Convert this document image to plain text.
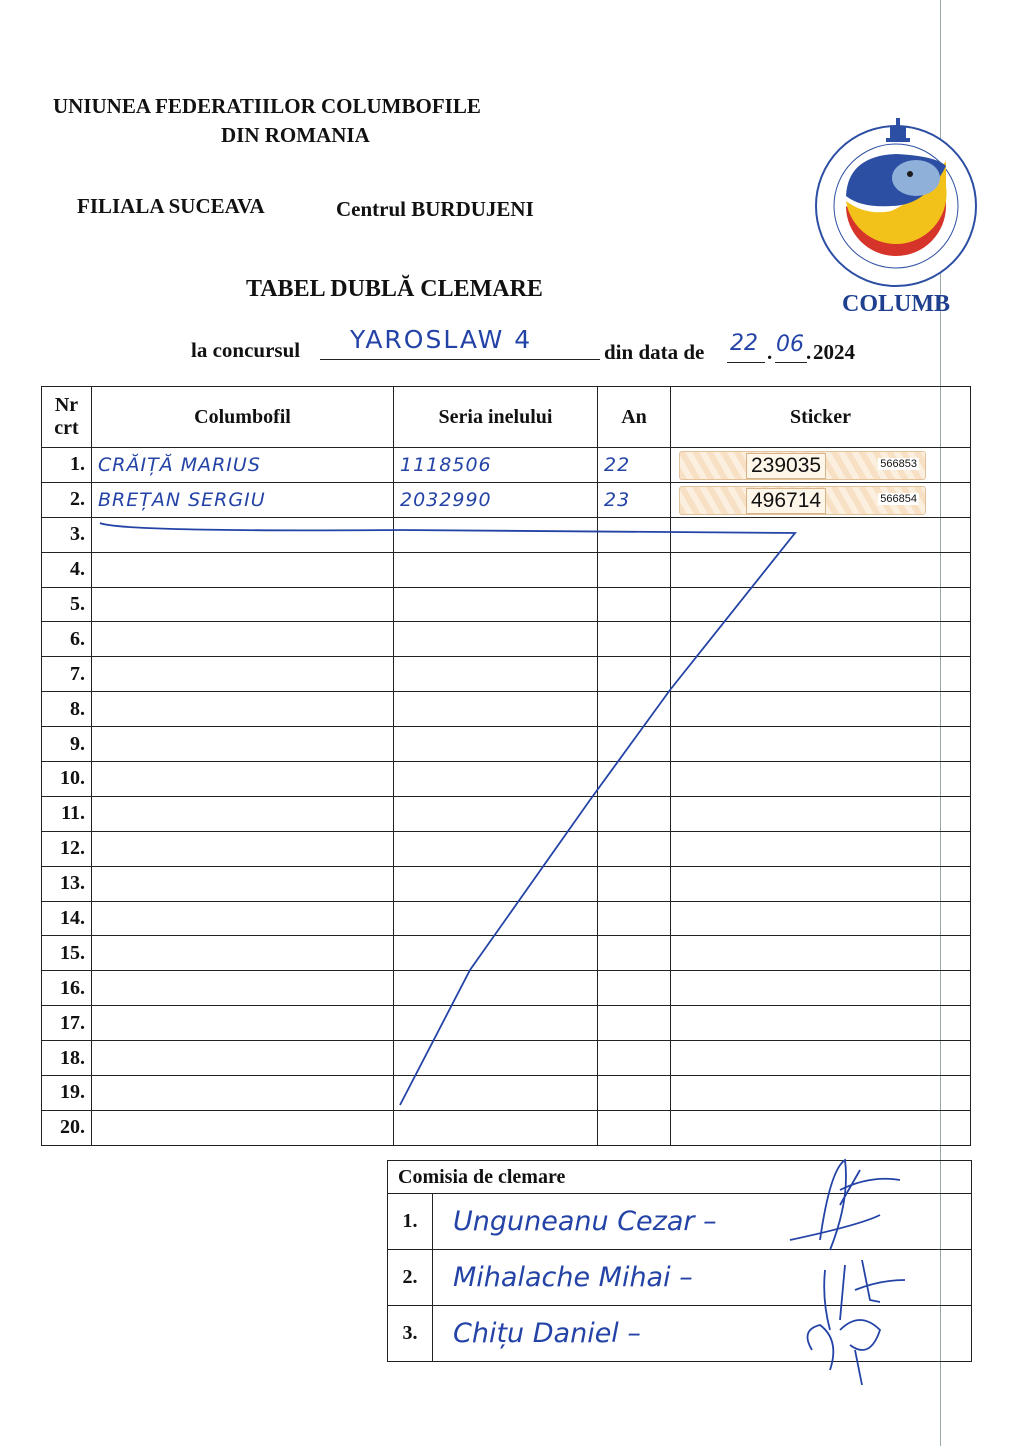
UNIUNEA FEDERATIILOR COLUMBOFILE
DIN ROMANIA
FILIALA SUCEAVA	Centrul BURDUJENI
TABEL DUBLĂ CLEMARE
la concursul YAROSLAW 4	din data de 22 . 06 . 2024
COLUMB
Nr
crt	Columbofil	Seria inelului	An	Sticker
1.	CRĂIȚĂ MARIUS	1118506	22	239035 566853

2.	BREȚAN SERGIU	2032990	23	496714 566854

3.				
4.				
5.				
6.				
7.				
8.				
9.				
10.				
11.				
12.				
13.				
14.				
15.				
16.				
17.				
18.				
19.				
20.				
Comisia de clemare	
1.	Unguneanu Cezar –
2.	Mihalache Mihai –
3.	Chițu Daniel –
